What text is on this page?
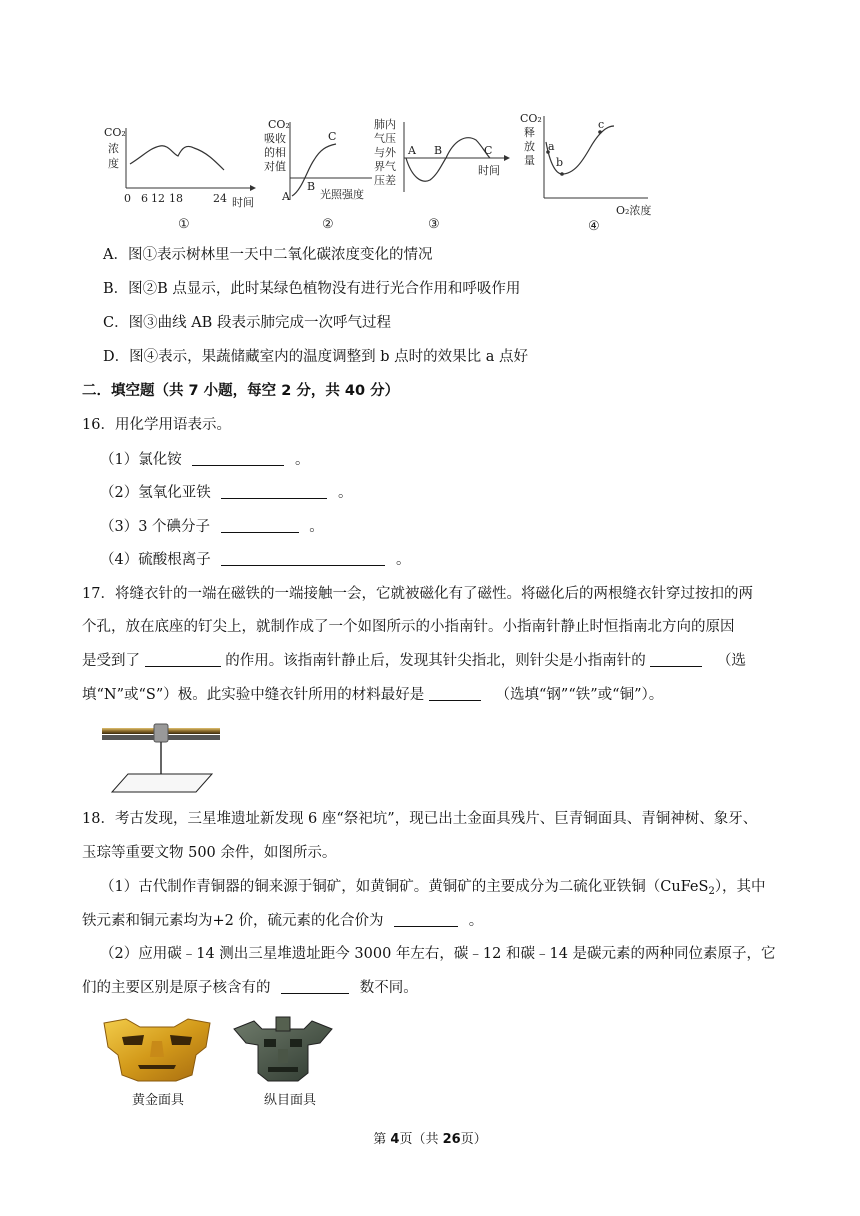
CO₂
浓
度
0 6 12 18	24 时间
①
CO₂
吸收
的相
对值
A
B
C
光照强度
②
肺内
气压
与外
界气
压差
A B	C
时间
③
CO₂
释
放
量
a
b
c
O₂浓度
④
A．图①表示树林里一天中二氧化碳浓度变化的情况
B．图②B 点显示，此时某绿色植物没有进行光合作用和呼吸作用
C．图③曲线 AB 段表示肺完成一次呼气过程
D．图④表示，果蔬储藏室内的温度调整到 b 点时的效果比 a 点好
二．填空题（共 7 小题，每空 2 分，共 40 分）
16．用化学用语表示。
（1）氯化铵	。
（2）氢氧化亚铁	。
（3）3 个碘分子	。
（4）硫酸根离子	。
17．将缝衣针的一端在磁铁的一端接触一会，它就被磁化有了磁性。将磁化后的两根缝衣针穿过按扣的两
个孔，放在底座的钉尖上，就制作成了一个如图所示的小指南针。小指南针静止时恒指南北方向的原因
是受到了	的作用。该指南针静止后，发现其针尖指北，则针尖是小指南针的	（选
填“N”或“S”）极。此实验中缝衣针所用的材料最好是	（选填“钢”“铁”或“铜”）。
18．考古发现，三星堆遗址新发现 6 座“祭祀坑”，现已出土金面具残片、巨青铜面具、青铜神树、象牙、
玉琮等重要文物 500 余件，如图所示。
（1）古代制作青铜器的铜来源于铜矿，如黄铜矿。黄铜矿的主要成分为二硫化亚铁铜（CuFeS$_2$），其中
铁元素和铜元素均为+2 价，硫元素的化合价为	。
（2）应用碳﹣14 测出三星堆遗址距今 3000 年左右，碳﹣12 和碳﹣14 是碳元素的两种同位素原子，它
们的主要区别是原子核含有的	数不同。
黄金面具	纵目面具
第 4页（共 26页）
